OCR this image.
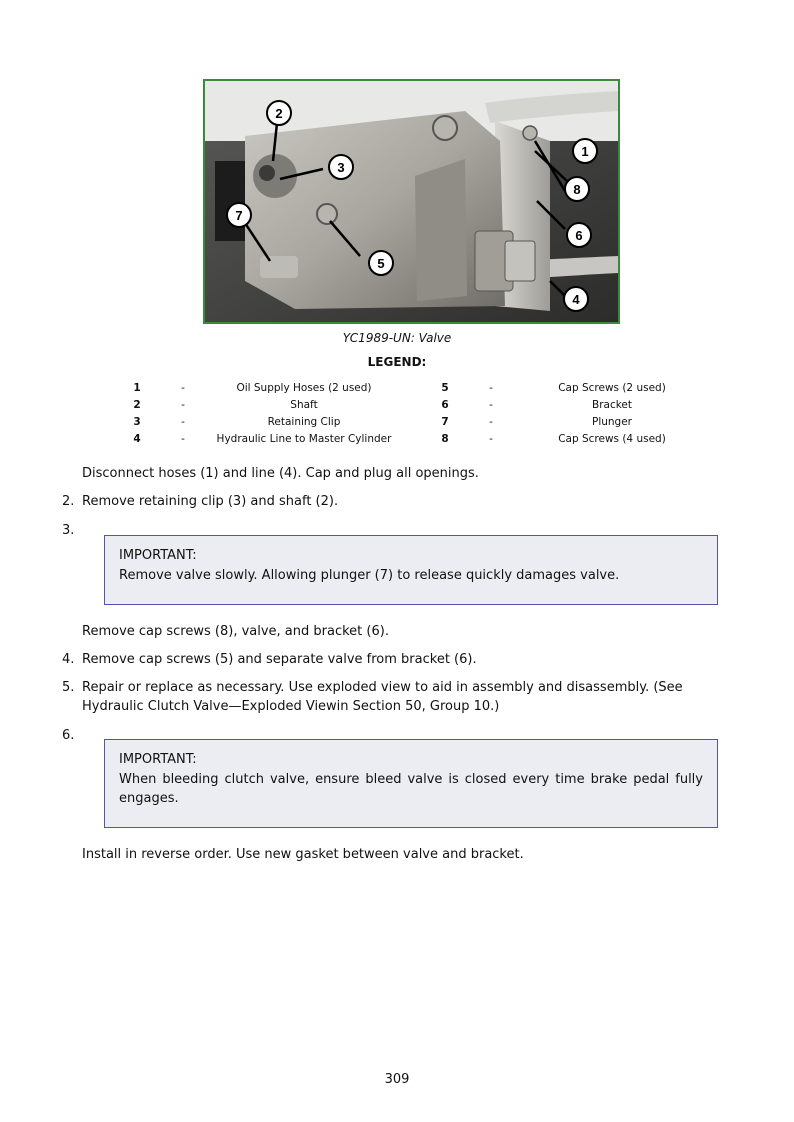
1
2
3
4
5
6
7
8
YC1989-UN: Valve
LEGEND:
1	-	Oil Supply Hoses (2 used)	5	-	Cap Screws (2 used)
2	-	Shaft	6	-	Bracket
3	-	Retaining Clip	7	-	Plunger
4	-	Hydraulic Line to Master Cylinder	8	-	Cap Screws (4 used)
Disconnect hoses (1) and line (4). Cap and plug all openings.
2. Remove retaining clip (3) and shaft (2).
3.
IMPORTANT:
Remove valve slowly. Allowing plunger (7) to release quickly damages valve.
Remove cap screws (8), valve, and bracket (6).
4. Remove cap screws (5) and separate valve from bracket (6).
5. Repair or replace as necessary. Use exploded view to aid in assembly and disassembly. (See Hydraulic Clutch Valve—Exploded Viewin Section 50, Group 10.)
6.
IMPORTANT:
When bleeding clutch valve, ensure bleed valve is closed every time brake pedal fully engages.
Install in reverse order. Use new gasket between valve and bracket.
309
